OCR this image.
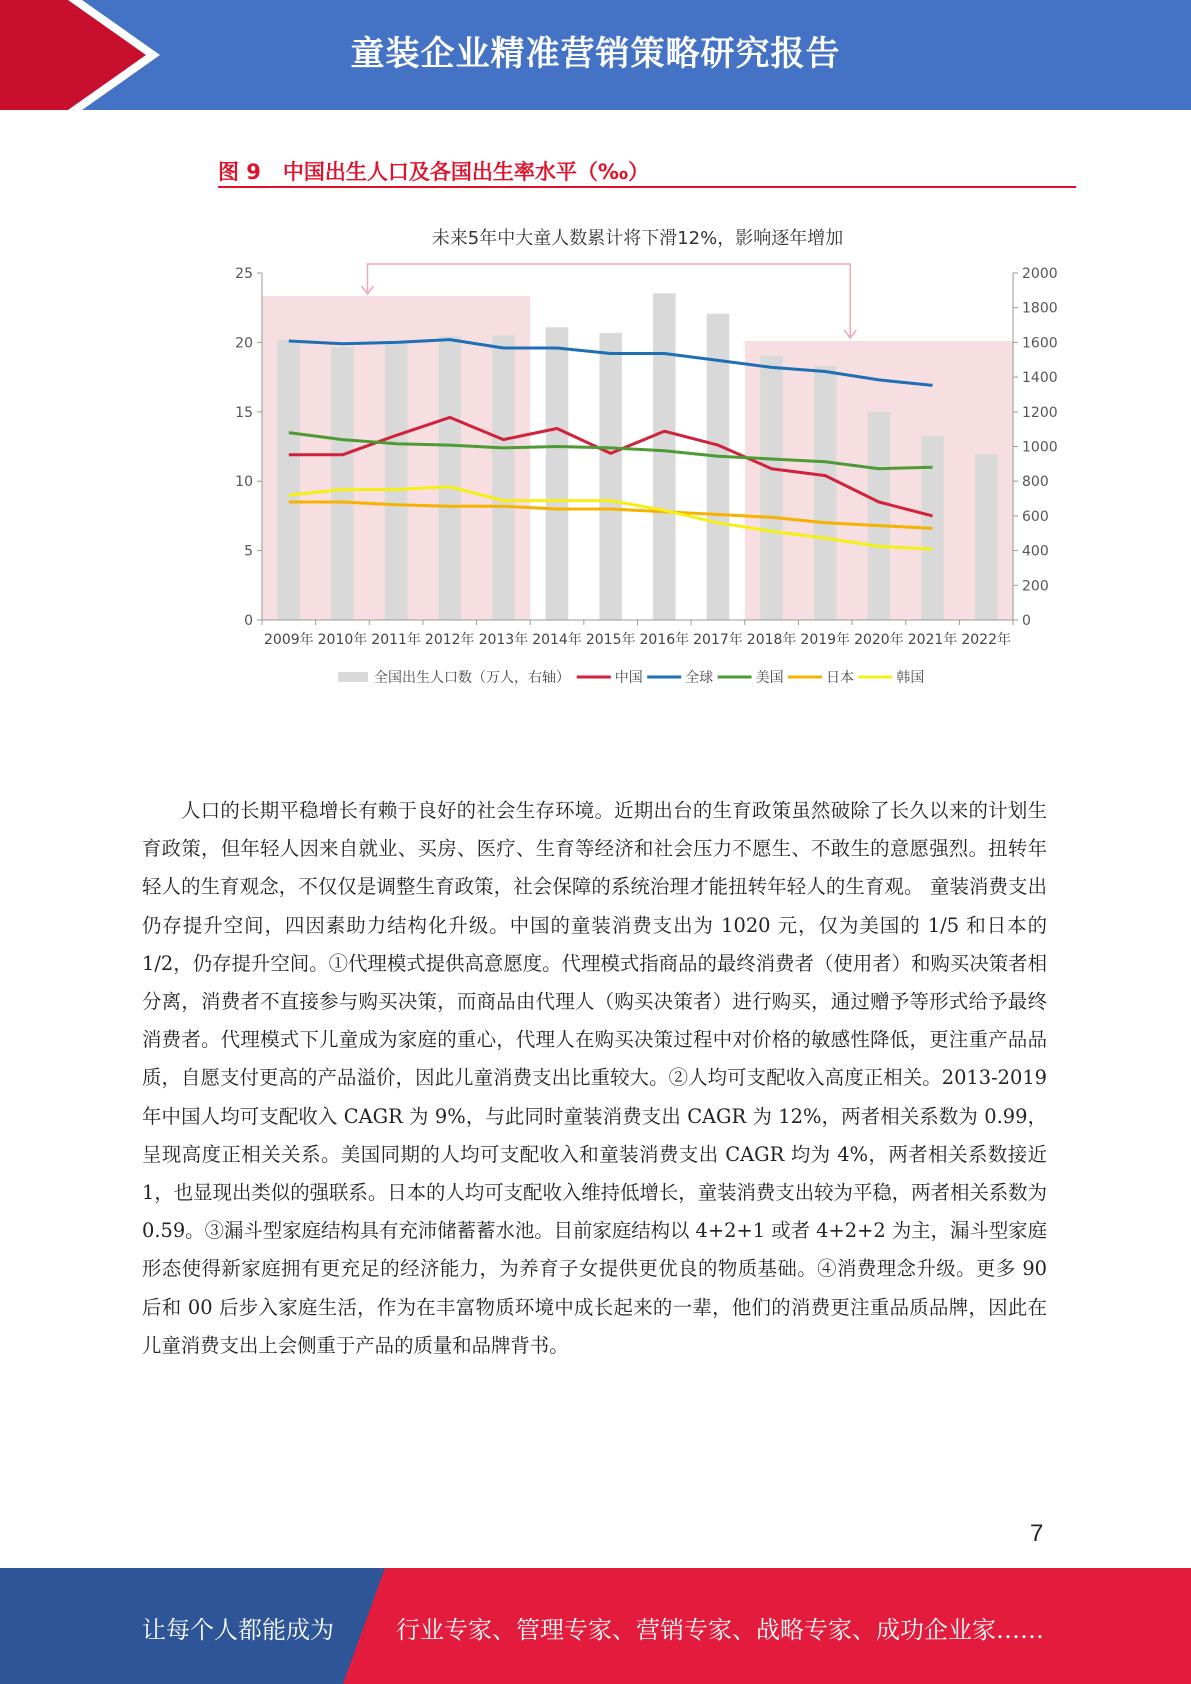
童装企业精准营销策略研究报告
图 9   中国出生人口及各国出生率水平（‰）
未来5年中大童人数累计将下滑12%，影响逐年增加
0
5
10
15
20
25
0
200
400
600
800
1000
1200
1400
1600
1800
2000
2009年 2010年 2011年 2012年 2013年 2014年 2015年 2016年 2017年 2018年 2019年 2020年 2021年 2022年
全国出生人口数（万人，右轴）	中国	全球	美国	日本	韩国
人口的长期平稳增长有赖于良好的社会生存环境。近期出台的生育政策虽然破除了长久以来的计划生育政策，但年轻人因来自就业、买房、医疗、生育等经济和社会压力不愿生、不敢生的意愿强烈。扭转年轻人的生育观念，不仅仅是调整生育政策，社会保障的系统治理才能扭转年轻人的生育观。 童装消费支出仍存提升空间，四因素助力结构化升级。中国的童装消费支出为 1020 元，仅为美国的 1/5 和日本的 1/2，仍存提升空间。①代理模式提供高意愿度。代理模式指商品的最终消费者（使用者）和购买决策者相分离，消费者不直接参与购买决策，而商品由代理人（购买决策者）进行购买，通过赠予等形式给予最终消费者。代理模式下儿童成为家庭的重心，代理人在购买决策过程中对价格的敏感性降低，更注重产品品质，自愿支付更高的产品溢价，因此儿童消费支出比重较大。②人均可支配收入高度正相关。2013-2019 年中国人均可支配收入 CAGR 为 9%，与此同时童装消费支出 CAGR 为 12%，两者相关系数为 0.99，呈现高度正相关关系。美国同期的人均可支配收入和童装消费支出 CAGR 均为 4%，两者相关系数接近 1，也显现出类似的强联系。日本的人均可支配收入维持低增长，童装消费支出较为平稳，两者相关系数为 0.59。③漏斗型家庭结构具有充沛储蓄蓄水池。目前家庭结构以 4+2+1 或者 4+2+2 为主，漏斗型家庭形态使得新家庭拥有更充足的经济能力，为养育子女提供更优良的物质基础。④消费理念升级。更多 90 后和 00 后步入家庭生活，作为在丰富物质环境中成长起来的一辈，他们的消费更注重品质品牌，因此在儿童消费支出上会侧重于产品的质量和品牌背书。
7
让每个人都能成为	行业专家、管理专家、营销专家、战略专家、成功企业家……
